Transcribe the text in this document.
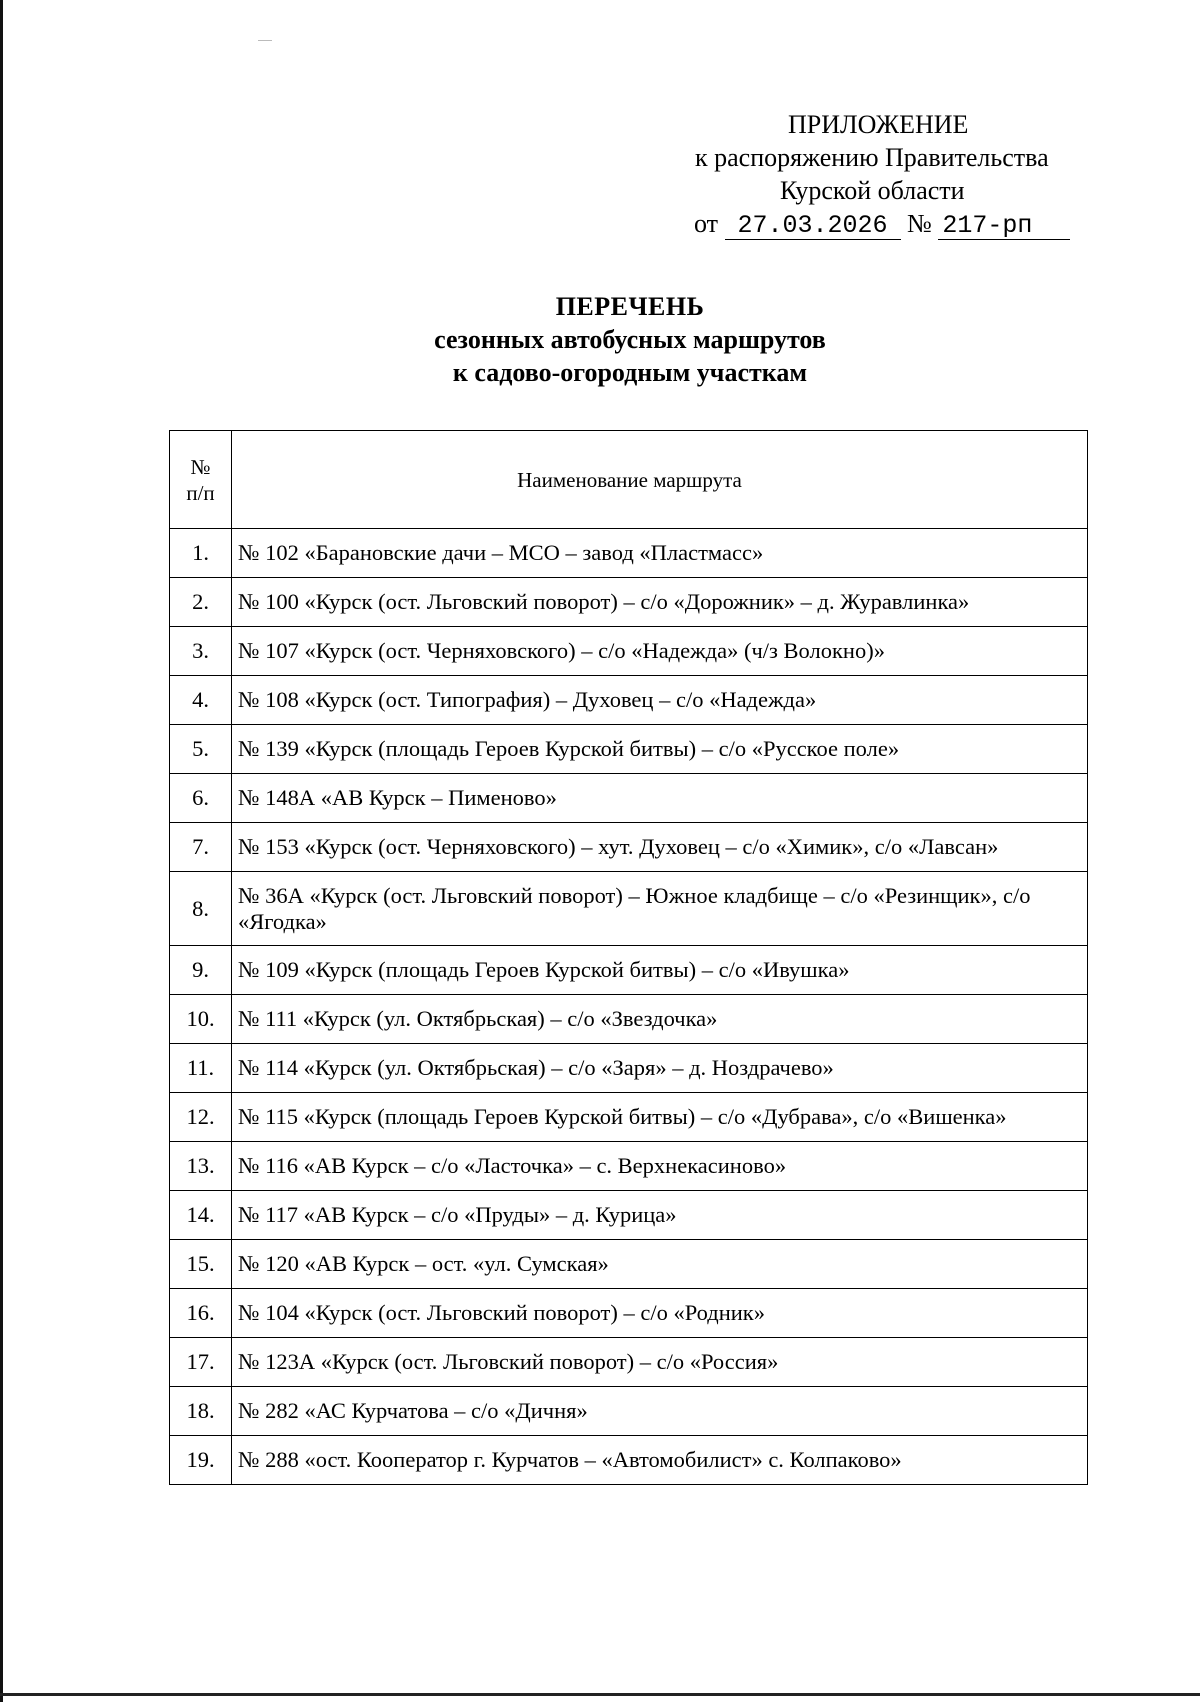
ПРИЛОЖЕНИЕ
к распоряжению Правительства
Курской области
от 27.03.2026 № 217-рп
ПЕРЕЧЕНЬ
сезонных автобусных маршрутов
к садово-огородным участкам
№
п/п	Наименование маршрута
1.	№ 102 «Барановские дачи – МСО – завод «Пластмасс»
2.	№ 100 «Курск (ост. Льговский поворот) – с/о «Дорожник» – д. Журавлинка»
3.	№ 107 «Курск (ост. Черняховского) – с/о «Надежда» (ч/з Волокно)»
4.	№ 108 «Курск (ост. Типография) – Духовец – с/о «Надежда»
5.	№ 139 «Курск (площадь Героев Курской битвы) – с/о «Русское поле»
6.	№ 148А «АВ Курск – Пименово»
7.	№ 153 «Курск (ост. Черняховского) – хут. Духовец – с/о «Химик», с/о «Лавсан»
8.	№ 36А «Курск (ост. Льговский поворот) – Южное кладбище – с/о «Резинщик», с/о «Ягодка»
9.	№ 109 «Курск (площадь Героев Курской битвы) – с/о «Ивушка»
10.	№ 111 «Курск (ул. Октябрьская) – с/о «Звездочка»
11.	№ 114 «Курск (ул. Октябрьская) – с/о «Заря» – д. Ноздрачево»
12.	№ 115 «Курск (площадь Героев Курской битвы) – с/о «Дубрава», с/о «Вишенка»
13.	№ 116 «АВ Курск – с/о «Ласточка» – с. Верхнекасиново»
14.	№ 117 «АВ Курск – с/о «Пруды» – д. Курица»
15.	№ 120 «АВ Курск – ост. «ул. Сумская»
16.	№ 104 «Курск (ост. Льговский поворот) – с/о «Родник»
17.	№ 123А «Курск (ост. Льговский поворот) – с/о «Россия»
18.	№ 282 «АС Курчатова – с/о «Дичня»
19.	№ 288 «ост. Кооператор г. Курчатов – «Автомобилист» с. Колпаково»
